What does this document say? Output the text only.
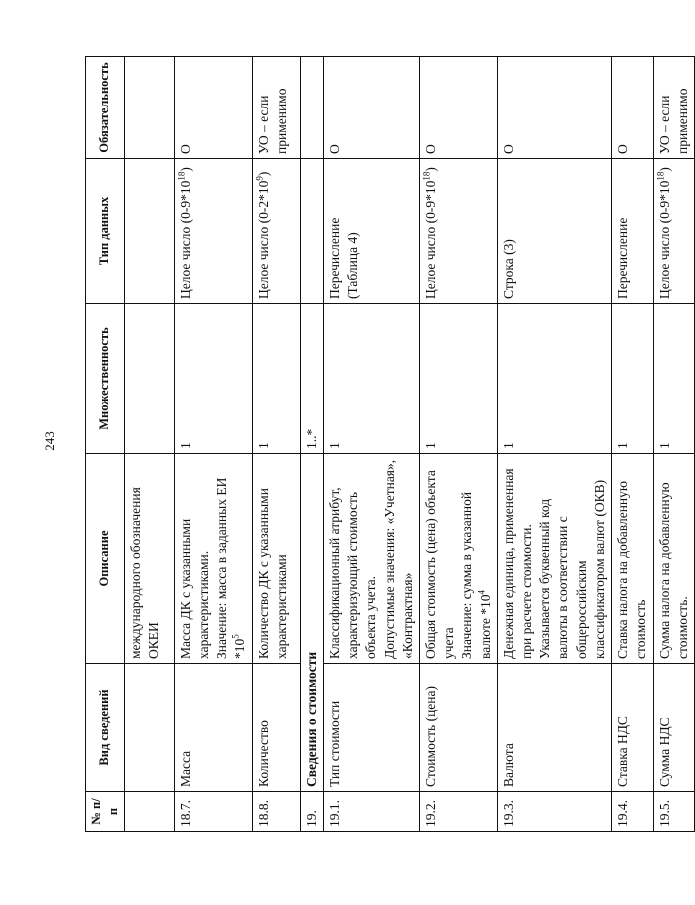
243
№ п/п	Вид сведений	Описание	Множественность	Тип данных	Обязательность
		международного обозначения ОКЕИ			
18.7.	Масса	Масса ДК с указанными характеристиками. Значение: масса в заданных ЕИ $*10^5$	1	Целое число $(0-9*10^{18})$	О
18.8.	Количество	Количество ДК с указанными характеристиками	1	Целое число $(0-2*10^9)$	УО – если применимо
19.	Сведения о стоимости		1..*		
19.1.	Тип стоимости	Классификационный атрибут, характеризующий стоимость объекта учета. Допустимые значения: «Учетная», «Контрактная»	1	Перечисление (Таблица 4)	О
19.2.	Стоимость (цена)	Общая стоимость (цена) объекта учета Значение: сумма в указанной валюте $*10^4$	1	Целое число $(0-9*10^{18})$	О
19.3.	Валюта	Денежная единица, примененная при расчете стоимости. Указывается буквенный код валюты в соответствии с общероссийским классификатором валют (ОКВ)	1	Строка (3)	О
19.4.	Ставка НДС	Ставка налога на добавленную стоимость	1	Перечисление	О
19.5.	Сумма НДС	Сумма налога на добавленную стоимость.	1	Целое число $(0-9*10^{18})$	УО – если применимо
